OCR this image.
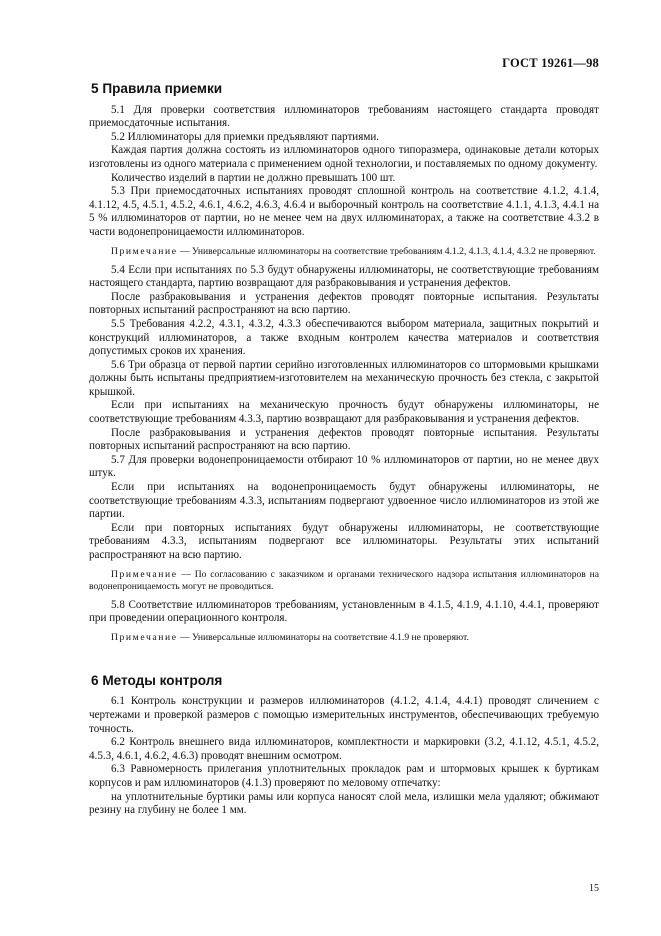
ГОСТ 19261—98
5 Правила приемки

5.1 Для проверки соответствия иллюминаторов требованиям настоящего стандарта проводят приемосдаточные испытания.

5.2 Иллюминаторы для приемки предъявляют партиями.

Каждая партия должна состоять из иллюминаторов одного типоразмера, одинаковые детали которых изготовлены из одного материала с применением одной технологии, и поставляемых по одному документу.

Количество изделий в партии не должно превышать 100 шт.

5.3 При приемосдаточных испытаниях проводят сплошной контроль на соответствие 4.1.2, 4.1.4, 4.1.12, 4.5, 4.5.1, 4.5.2, 4.6.1, 4.6.2, 4.6.3, 4.6.4 и выборочный контроль на соответствие 4.1.1, 4.1.3, 4.4.1 на 5 % иллюминаторов от партии, но не менее чем на двух иллюминаторах, а также на соответствие 4.3.2 в части водонепроницаемости иллюминаторов.

Примечание — Универсальные иллюминаторы на соответствие требованиям 4.1.2, 4.1.3, 4.1.4, 4.3.2 не проверяют.

5.4 Если при испытаниях по 5.3 будут обнаружены иллюминаторы, не соответствующие требованиям настоящего стандарта, партию возвращают для разбраковывания и устранения дефектов.

После разбраковывания и устранения дефектов проводят повторные испытания. Результаты повторных испытаний распространяют на всю партию.

5.5 Требования 4.2.2, 4.3.1, 4.3.2, 4.3.3 обеспечиваются выбором материала, защитных покрытий и конструкций иллюминаторов, а также входным контролем качества материалов и соответствия допустимых сроков их хранения.

5.6 Три образца от первой партии серийно изготовленных иллюминаторов со штормовыми крышками должны быть испытаны предприятием-изготовителем на механическую прочность без стекла, с закрытой крышкой.

Если при испытаниях на механическую прочность будут обнаружены иллюминаторы, не соответствующие требованиям 4.3.3, партию возвращают для разбраковывания и устранения дефектов.

После разбраковывания и устранения дефектов проводят повторные испытания. Результаты повторных испытаний распространяют на всю партию.

5.7 Для проверки водонепроницаемости отбирают 10 % иллюминаторов от партии, но не менее двух штук.

Если при испытаниях на водонепроницаемость будут обнаружены иллюминаторы, не соответствующие требованиям 4.3.3, испытаниям подвергают удвоенное число иллюминаторов из этой же партии.

Если при повторных испытаниях будут обнаружены иллюминаторы, не соответствующие требованиям 4.3.3, испытаниям подвергают все иллюминаторы. Результаты этих испытаний распространяют на всю партию.

Примечание — По согласованию с заказчиком и органами технического надзора испытания иллюминаторов на водонепроницаемость могут не проводиться.

5.8 Соответствие иллюминаторов требованиям, установленным в 4.1.5, 4.1.9, 4.1.10, 4.4.1, проверяют при проведении операционного контроля.

Примечание — Универсальные иллюминаторы на соответствие 4.1.9 не проверяют.

6 Методы контроля

6.1 Контроль конструкции и размеров иллюминаторов (4.1.2, 4.1.4, 4.4.1) проводят сличением с чертежами и проверкой размеров с помощью измерительных инструментов, обеспечивающих требуемую точность.

6.2 Контроль внешнего вида иллюминаторов, комплектности и маркировки (3.2, 4.1.12, 4.5.1, 4.5.2, 4.5.3, 4.6.1, 4.6.2, 4.6.3) проводят внешним осмотром.

6.3 Равномерность прилегания уплотнительных прокладок рам и штормовых крышек к буртикам корпусов и рам иллюминаторов (4.1.3) проверяют по меловому отпечатку:

на уплотнительные буртики рамы или корпуса наносят слой мела, излишки мела удаляют; обжимают резину на глубину не более 1 мм.

15
